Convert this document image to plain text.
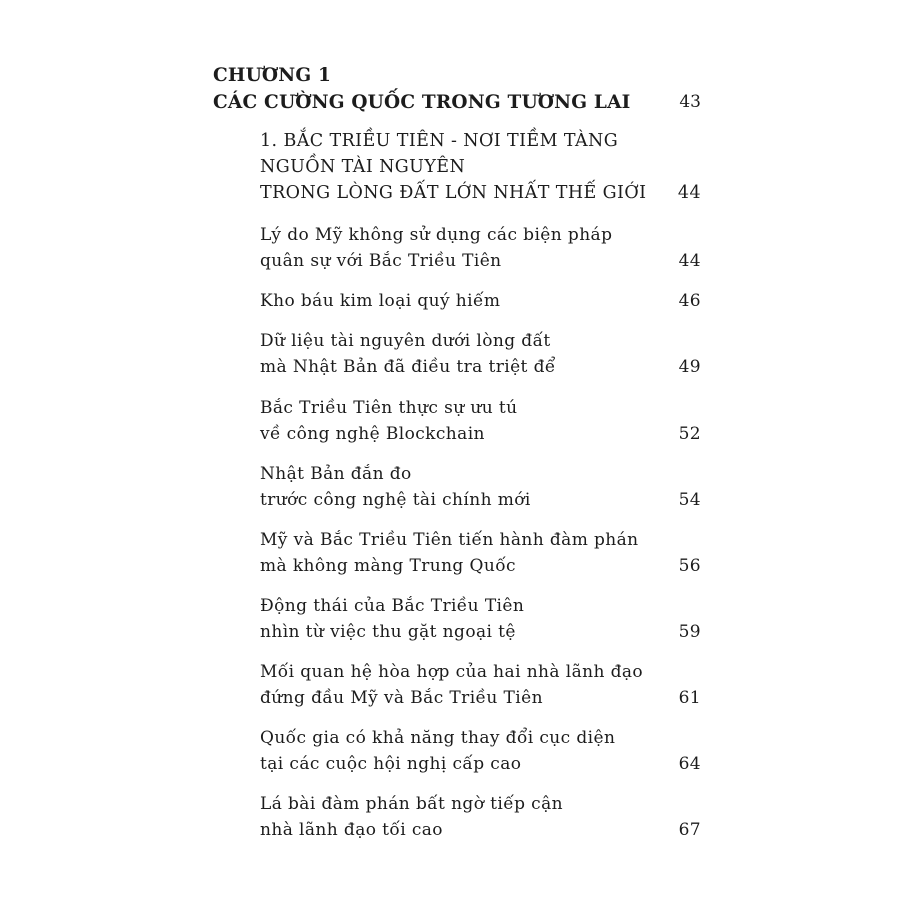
CHƯƠNG 1
CÁC CƯỜNG QUỐC TRONG TƯƠNG LAI	43
1. BẮC TRIỀU TIÊN - NƠI TIỀM TÀNG
NGUỒN TÀI NGUYÊN
TRONG LÒNG ĐẤT LỚN NHẤT THẾ GIỚI	44
Lý do Mỹ không sử dụng các biện pháp
quân sự với Bắc Triều Tiên	44
Kho báu kim loại quý hiếm	46
Dữ liệu tài nguyên dưới lòng đất
mà Nhật Bản đã điều tra triệt để	49
Bắc Triều Tiên thực sự ưu tú
về công nghệ Blockchain	52
Nhật Bản đắn đo
trước công nghệ tài chính mới	54
Mỹ và Bắc Triều Tiên tiến hành đàm phán
mà không màng Trung Quốc	56
Động thái của Bắc Triều Tiên
nhìn từ việc thu gặt ngoại tệ	59
Mối quan hệ hòa hợp của hai nhà lãnh đạo
đứng đầu Mỹ và Bắc Triều Tiên	61
Quốc gia có khả năng thay đổi cục diện
tại các cuộc hội nghị cấp cao	64
Lá bài đàm phán bất ngờ tiếp cận
nhà lãnh đạo tối cao	67
